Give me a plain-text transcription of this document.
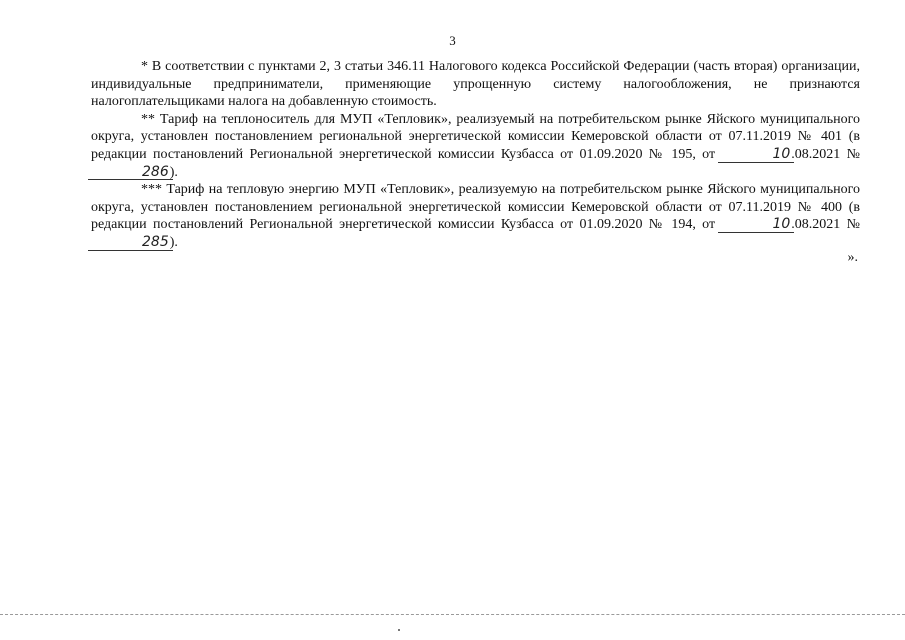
3

* В соответствии с пунктами 2, 3 статьи 346.11 Налогового кодекса Российской Федерации (часть вторая) организации, индивидуальные предприниматели, применяющие упрощенную систему налогообложения, не признаются налогоплательщиками налога на добавленную стоимость.

** Тариф на теплоноситель для МУП «Тепловик», реализуемый на потребительском рынке Яйского муниципального округа, установлен постановлением региональной энергетической комиссии Кемеровской области от 07.11.2019 № 401 (в редакции постановлений Региональной энергетической комиссии Кузбасса от 01.09.2020 № 195, от	10.08.2021 №286).

*** Тариф на тепловую энергию МУП «Тепловик», реализуемую на потребительском рынке Яйского муниципального округа, установлен постановлением региональной энергетической комиссии Кемеровской области от 07.11.2019 № 400 (в редакции постановлений Региональной энергетической комиссии Кузбасса от 01.09.2020 № 194, от	10.08.2021 №285).

».
